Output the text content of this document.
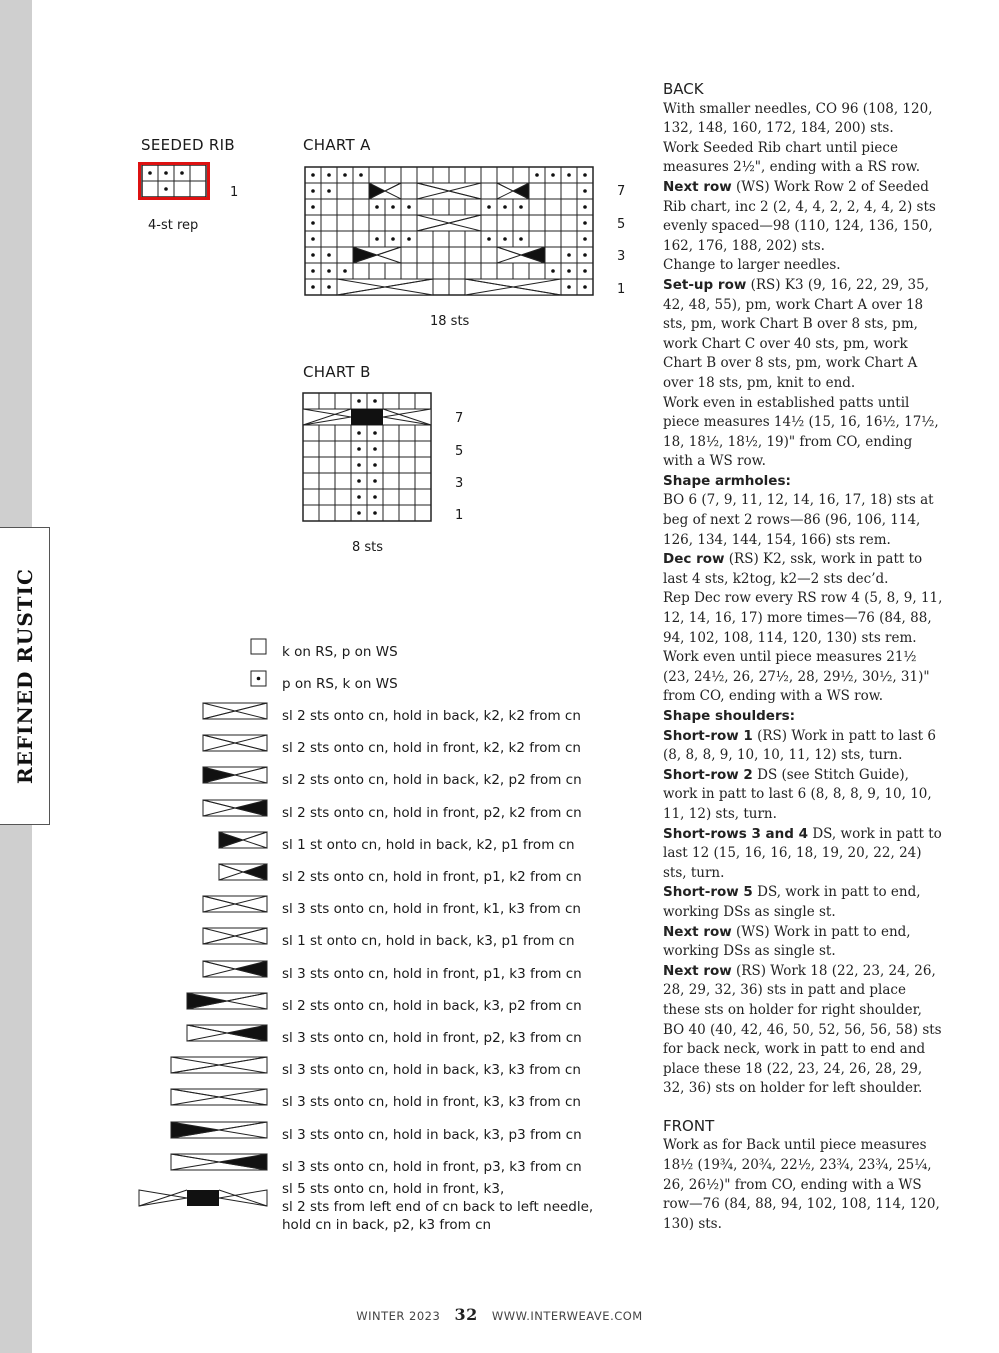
REFINED RUSTIC
SEEDED RIB
1
4-st rep
CHART A
7
5
3
1
18 sts
CHART B
7
5
3
1
8 sts
k on RS, p on WS
p on RS, k on WS
sl 2 sts onto cn, hold in back, k2, k2 from cn
sl 2 sts onto cn, hold in front, k2, k2 from cn
sl 2 sts onto cn, hold in back, k2, p2 from cn
sl 2 sts onto cn, hold in front, p2, k2 from cn
sl 1 st onto cn, hold in back, k2, p1 from cn
sl 2 sts onto cn, hold in front, p1, k2 from cn
sl 3 sts onto cn, hold in front, k1, k3 from cn
sl 1 st onto cn, hold in back, k3, p1 from cn
sl 3 sts onto cn, hold in front, p1, k3 from cn
sl 2 sts onto cn, hold in back, k3, p2 from cn
sl 3 sts onto cn, hold in front, p2, k3 from cn
sl 3 sts onto cn, hold in back, k3, k3 from cn
sl 3 sts onto cn, hold in front, k3, k3 from cn
sl 3 sts onto cn, hold in back, k3, p3 from cn
sl 3 sts onto cn, hold in front, p3, k3 from cn
sl 5 sts onto cn, hold in front, k3,
sl 2 sts from left end of cn back to left needle,
hold cn in back, p2, k3 from cn

BACK

With smaller needles, CO 96 (108, 120, 132, 148, 160, 172, 184, 200) sts.

Work Seeded Rib chart until piece measures 2½", ending with a RS row.

Next row (WS) Work Row 2 of Seeded Rib chart, inc 2 (2, 4, 4, 2, 2, 4, 4, 2) sts evenly spaced—98 (110, 124, 136, 150, 162, 176, 188, 202) sts.

Change to larger needles.

Set-up row (RS) K3 (9, 16, 22, 29, 35, 42, 48, 55), pm, work Chart A over 18 sts, pm, work Chart B over 8 sts, pm, work Chart C over 40 sts, pm, work Chart B over 8 sts, pm, work Chart A over 18 sts, pm, knit to end.

Work even in established patts until piece measures 14½ (15, 16, 16½, 17½, 18, 18½, 18½, 19)" from CO, ending with a WS row.

Shape armholes:

BO 6 (7, 9, 11, 12, 14, 16, 17, 18) sts at beg of next 2 rows—86 (96, 106, 114, 126, 134, 144, 154, 166) sts rem.

Dec row (RS) K2, ssk, work in patt to last 4 sts, k2tog, k2—2 sts dec’d.

Rep Dec row every RS row 4 (5, 8, 9, 11, 12, 14, 16, 17) more times—76 (84, 88, 94, 102, 108, 114, 120, 130) sts rem.

Work even until piece measures 21½ (23, 24½, 26, 27½, 28, 29½, 30½, 31)" from CO, ending with a WS row.

Shape shoulders:

Short-row 1 (RS) Work in patt to last 6 (8, 8, 8, 9, 10, 10, 11, 12) sts, turn.

Short-row 2 DS (see Stitch Guide), work in patt to last 6 (8, 8, 8, 9, 10, 10, 11, 12) sts, turn.

Short-rows 3 and 4 DS, work in patt to last 12 (15, 16, 16, 18, 19, 20, 22, 24) sts, turn.

Short-row 5 DS, work in patt to end, working DSs as single st.

Next row (WS) Work in patt to end, working DSs as single st.

Next row (RS) Work 18 (22, 23, 24, 26, 28, 29, 32, 36) sts in patt and place these sts on holder for right shoulder, BO 40 (40, 42, 46, 50, 52, 56, 56, 58) sts for back neck, work in patt to end and place these 18 (22, 23, 24, 26, 28, 29, 32, 36) sts on holder for left shoulder.

FRONT

Work as for Back until piece measures 18½ (19¾, 20¾, 22½, 23¾, 23¾, 25¼, 26, 26½)" from CO, ending with a WS row—76 (84, 88, 94, 102, 108, 114, 120, 130) sts.

WINTER 2023 32 WWW.INTERWEAVE.COM
